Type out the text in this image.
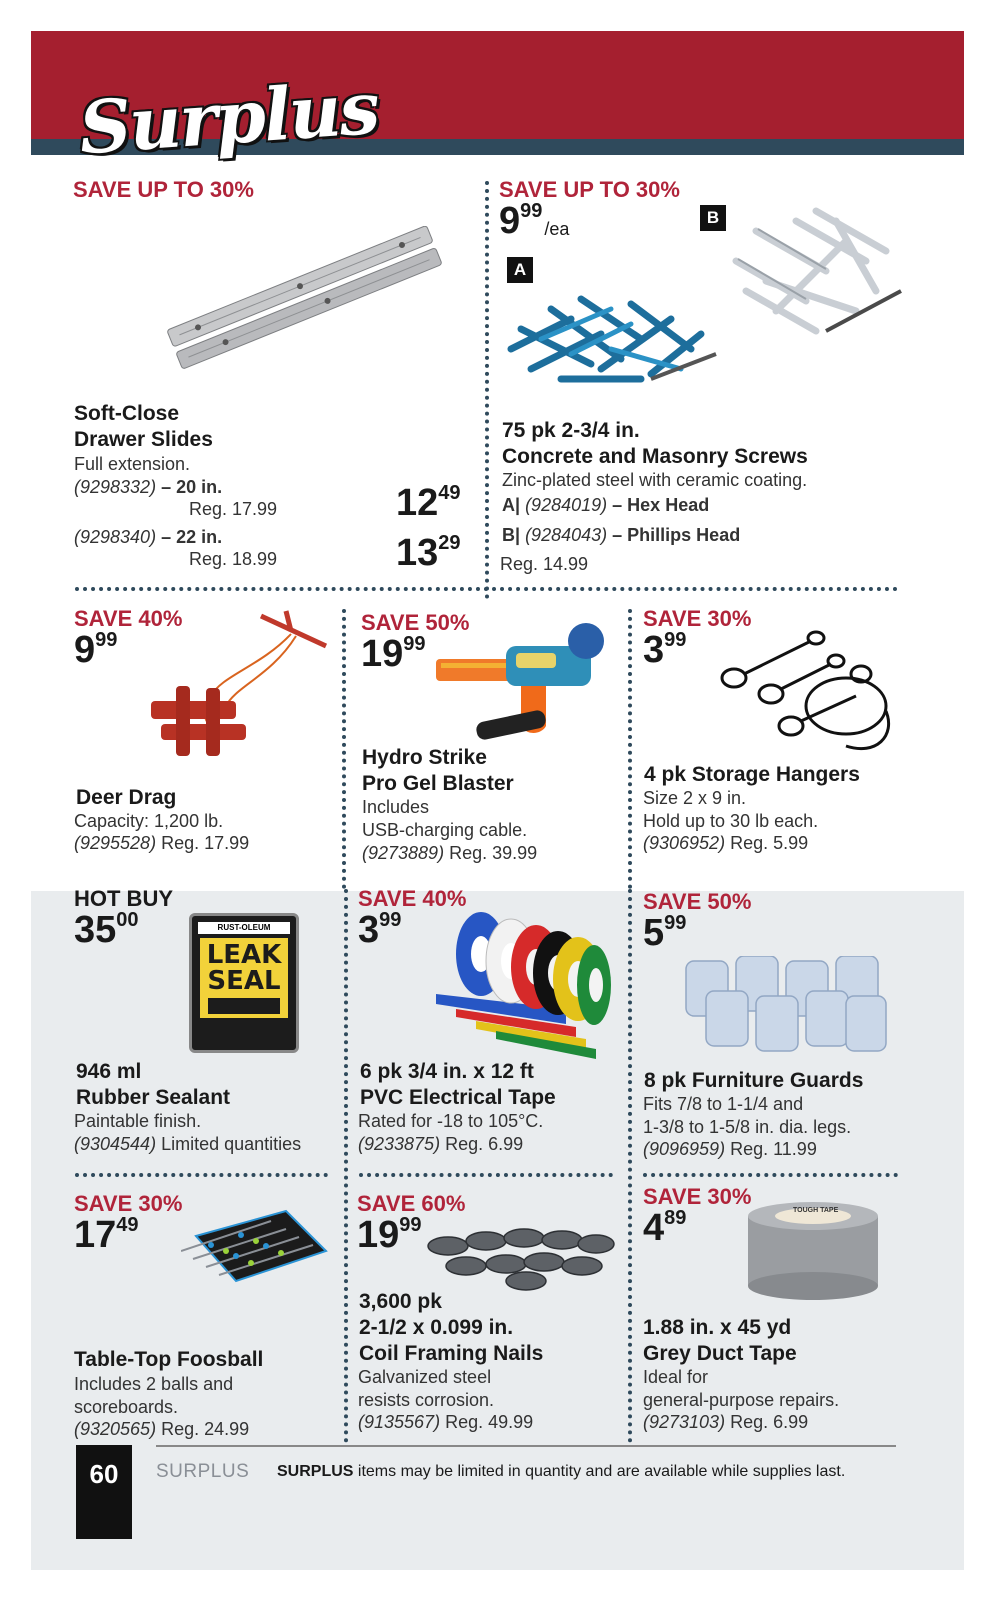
Surplus
SAVE UP TO 30%
Soft-Close
Drawer Slides
Full extension.
(9298332) – 20 in.
Reg. 17.99	$12^{49}$
(9298340) – 22 in.
Reg. 18.99	$13^{29}$
SAVE UP TO 30%
$9^{99}/ea$
B
A
75 pk 2-3/4 in.
Concrete and Masonry Screws
Zinc-plated steel with ceramic coating.
A| (9284019) – Hex Head
B| (9284043) – Phillips Head
Reg. 14.99
SAVE 40%
$9^{99}$
Deer Drag
Capacity: 1,200 lb.
(9295528) Reg. 17.99
SAVE 50%
$19^{99}$
Hydro Strike
Pro Gel Blaster
Includes
USB-charging cable.
(9273889) Reg. 39.99
SAVE 30%
$3^{99}$
4 pk Storage Hangers
Size 2 x 9 in.
Hold up to 30 lb each.
(9306952) Reg. 5.99
HOT BUY
$35^{00}$	RUST-OLEUM
LEAK
SEAL
946 ml
Rubber Sealant
Paintable finish.
(9304544) Limited quantities
SAVE 40%
$3^{99}$
6 pk 3/4 in. x 12 ft
PVC Electrical Tape
Rated for -18 to 105°C.
(9233875) Reg. 6.99
SAVE 50%
$5^{99}$
8 pk Furniture Guards
Fits 7/8 to 1-1/4 and
1-3/8 to 1-5/8 in. dia. legs.
(9096959) Reg. 11.99
SAVE 30%
$17^{49}$
Table-Top Foosball
Includes 2 balls and
scoreboards.
(9320565) Reg. 24.99
SAVE 60%
$19^{99}$
3,600 pk
2-1/2 x 0.099 in.
Coil Framing Nails
Galvanized steel
resists corrosion.
(9135567) Reg. 49.99
SAVE 30%
$4^{89}$	TOUGH TAPE
1.88 in. x 45 yd
Grey Duct Tape
Ideal for
general-purpose repairs.
(9273103) Reg. 6.99
60	SURPLUS SURPLUS items may be limited in quantity and are available while supplies last.
